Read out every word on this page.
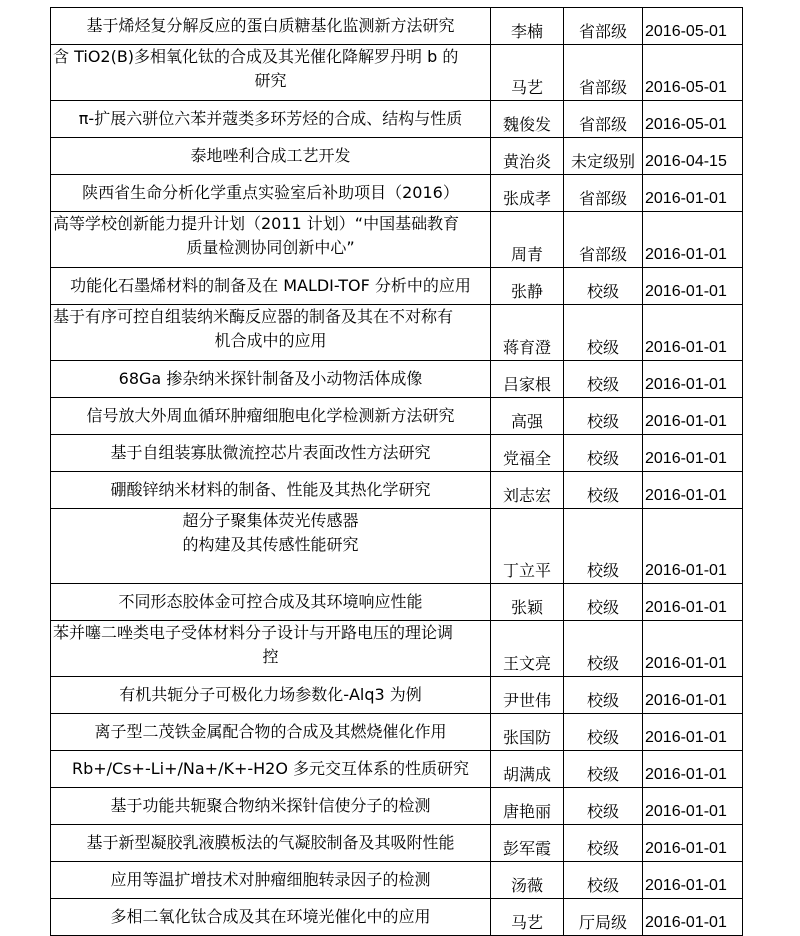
基于烯烃复分解反应的蛋白质糖基化监测新方法研究	李楠	省部级	2016-05-01

含 TiO2(B)多相氧化钛的合成及其光催化降解罗丹明 b 的
研究	马艺	省部级	2016-05-01

π-扩展六骈位六苯并蔻类多环芳烃的合成、结构与性质	魏俊发	省部级	2016-05-01

泰地唑利合成工艺开发	黄治炎	未定级别	2016-04-15

陕西省生命分析化学重点实验室后补助项目（2016）	张成孝	省部级	2016-01-01

高等学校创新能力提升计划（2011 计划）“中国基础教育
质量检测协同创新中心”	周青	省部级	2016-01-01

功能化石墨烯材料的制备及在 MALDI-TOF 分析中的应用	张静	校级	2016-01-01

基于有序可控自组装纳米酶反应器的制备及其在不对称有
机合成中的应用	蒋育澄	校级	2016-01-01

68Ga 掺杂纳米探针制备及小动物活体成像	吕家根	校级	2016-01-01

信号放大外周血循环肿瘤细胞电化学检测新方法研究	高强	校级	2016-01-01

基于自组装寡肽微流控芯片表面改性方法研究	党福全	校级	2016-01-01

硼酸锌纳米材料的制备、性能及其热化学研究	刘志宏	校级	2016-01-01

超分子聚集体荧光传感器
的构建及其传感性能研究	丁立平	校级	2016-01-01

不同形态胶体金可控合成及其环境响应性能	张颖	校级	2016-01-01

苯并噻二唑类电子受体材料分子设计与开路电压的理论调
控	王文亮	校级	2016-01-01

有机共轭分子可极化力场参数化-Alq3 为例	尹世伟	校级	2016-01-01

离子型二茂铁金属配合物的合成及其燃烧催化作用	张国防	校级	2016-01-01

Rb+/Cs+-Li+/Na+/K+-H2O 多元交互体系的性质研究	胡满成	校级	2016-01-01

基于功能共轭聚合物纳米探针信使分子的检测	唐艳丽	校级	2016-01-01

基于新型凝胶乳液膜板法的气凝胶制备及其吸附性能	彭军霞	校级	2016-01-01

应用等温扩增技术对肿瘤细胞转录因子的检测	汤薇	校级	2016-01-01

多相二氧化钛合成及其在环境光催化中的应用	马艺	厅局级	2016-01-01
